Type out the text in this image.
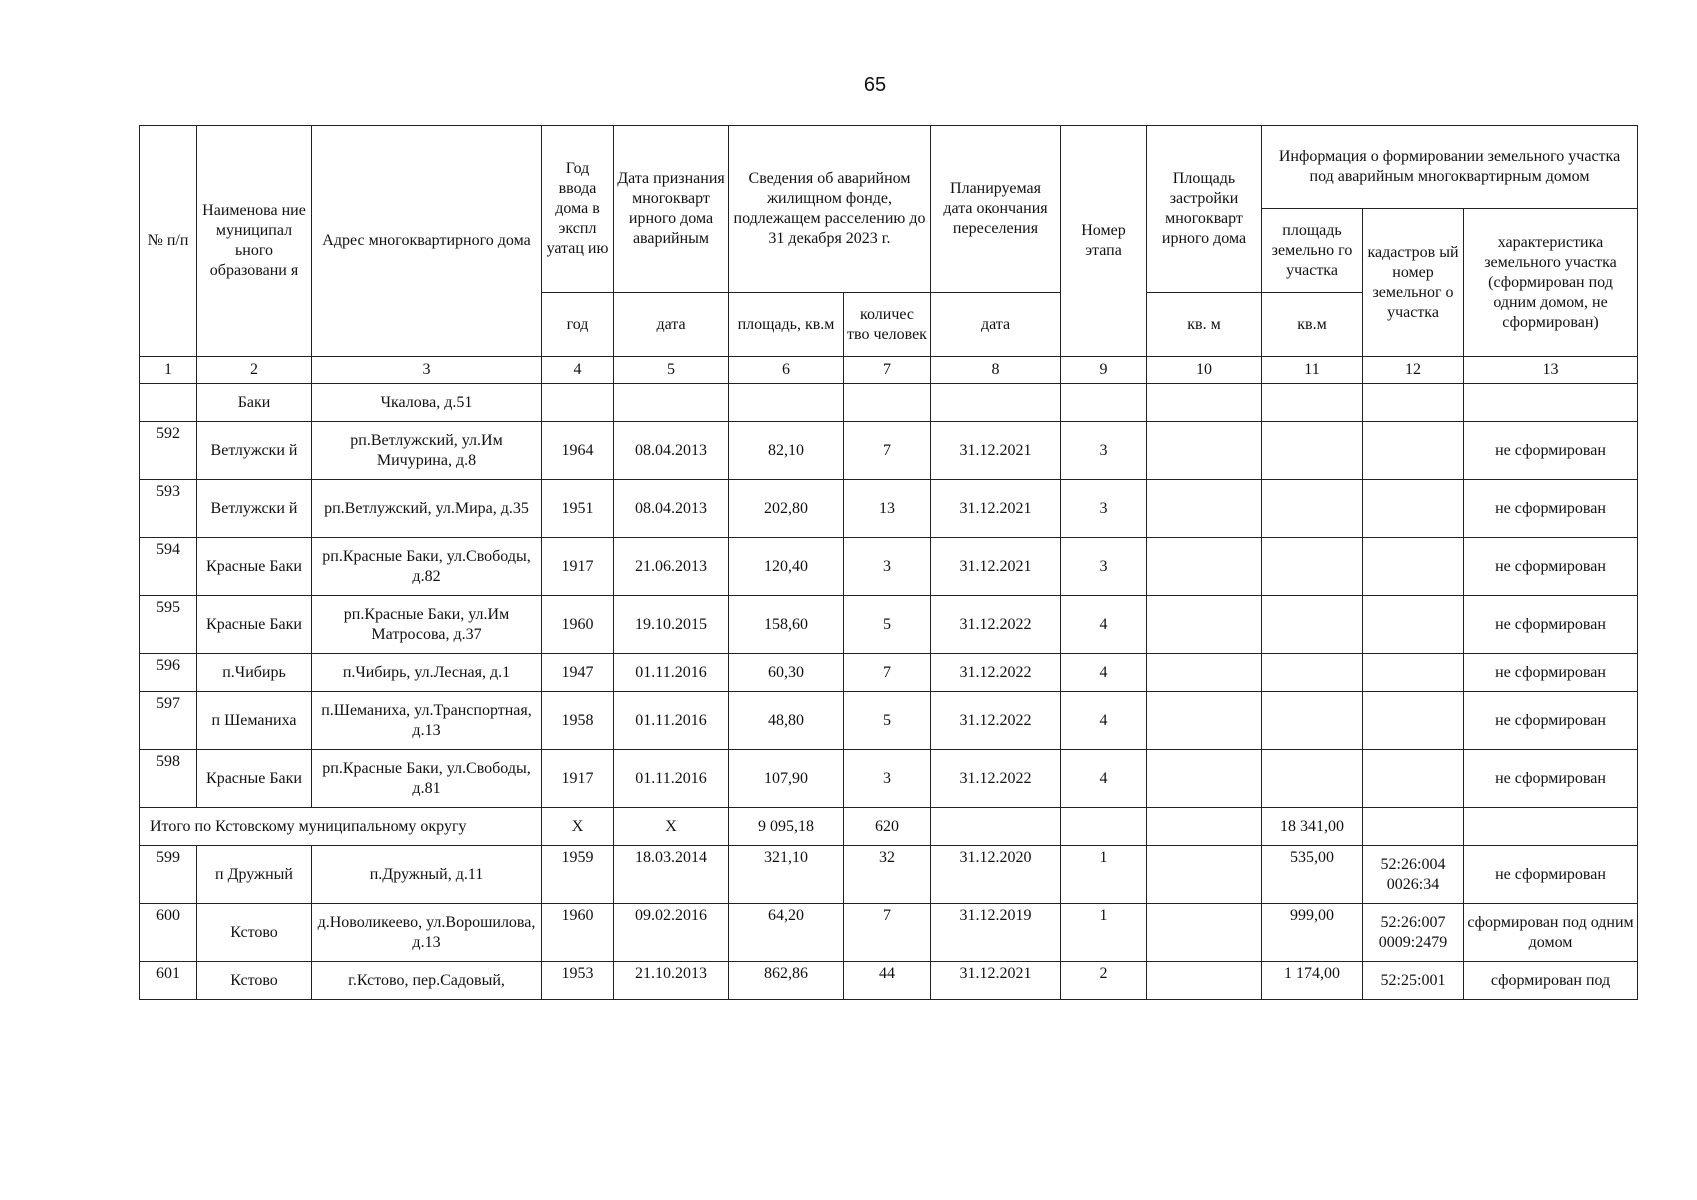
65
№ п/п	Наименова ние муниципал ьного образовани я	Адрес многоквартирного дома	Год ввода дома в экспл уатац ию	Дата признания многокварт ирного дома аварийным	Сведения об аварийном жилищном фонде, подлежащем расселению до 31 декабря 2023 г.		Планируемая дата окончания переселения	Номер этапа	Площадь застройки многокварт ирного дома	Информация о формировании земельного участка под аварийным многоквартирным домом		
										площадь земельно го участка	кадастров ый номер земельног о участка	характеристика земельного участка (сформирован под одним домом, не сформирован)
			год	дата	площадь, кв.м	количес тво человек	дата		кв. м	кв.м		
1	2	3	4	5	6	7	8	9	10	11	12	13
	Баки	Чкалова, д.51										
592	Ветлужски й	рп.Ветлужский, ул.Им Мичурина, д.8	1964	08.04.2013	82,10	7	31.12.2021	3				не сформирован
593	Ветлужски й	рп.Ветлужский, ул.Мира, д.35	1951	08.04.2013	202,80	13	31.12.2021	3				не сформирован
594	Красные Баки	рп.Красные Баки, ул.Свободы, д.82	1917	21.06.2013	120,40	3	31.12.2021	3				не сформирован
595	Красные Баки	рп.Красные Баки, ул.Им Матросова, д.37	1960	19.10.2015	158,60	5	31.12.2022	4				не сформирован
596	п.Чибирь	п.Чибирь, ул.Лесная, д.1	1947	01.11.2016	60,30	7	31.12.2022	4				не сформирован
597	п Шеманиха	п.Шеманиха, ул.Транспортная, д.13	1958	01.11.2016	48,80	5	31.12.2022	4				не сформирован
598	Красные Баки	рп.Красные Баки, ул.Свободы, д.81	1917	01.11.2016	107,90	3	31.12.2022	4				не сформирован
Итого по Кстовскому муниципальному округу			X	X	9 095,18	620				18 341,00		
599	п Дружный	п.Дружный, д.11	1959	18.03.2014	321,10	32	31.12.2020	1		535,00	52:26:004 0026:34	не сформирован
600	Кстово	д.Новоликеево, ул.Ворошилова, д.13	1960	09.02.2016	64,20	7	31.12.2019	1		999,00	52:26:007 0009:2479	сформирован под одним домом
601	Кстово	г.Кстово, пер.Садовый,	1953	21.10.2013	862,86	44	31.12.2021	2		1 174,00	52:25:001	сформирован под
